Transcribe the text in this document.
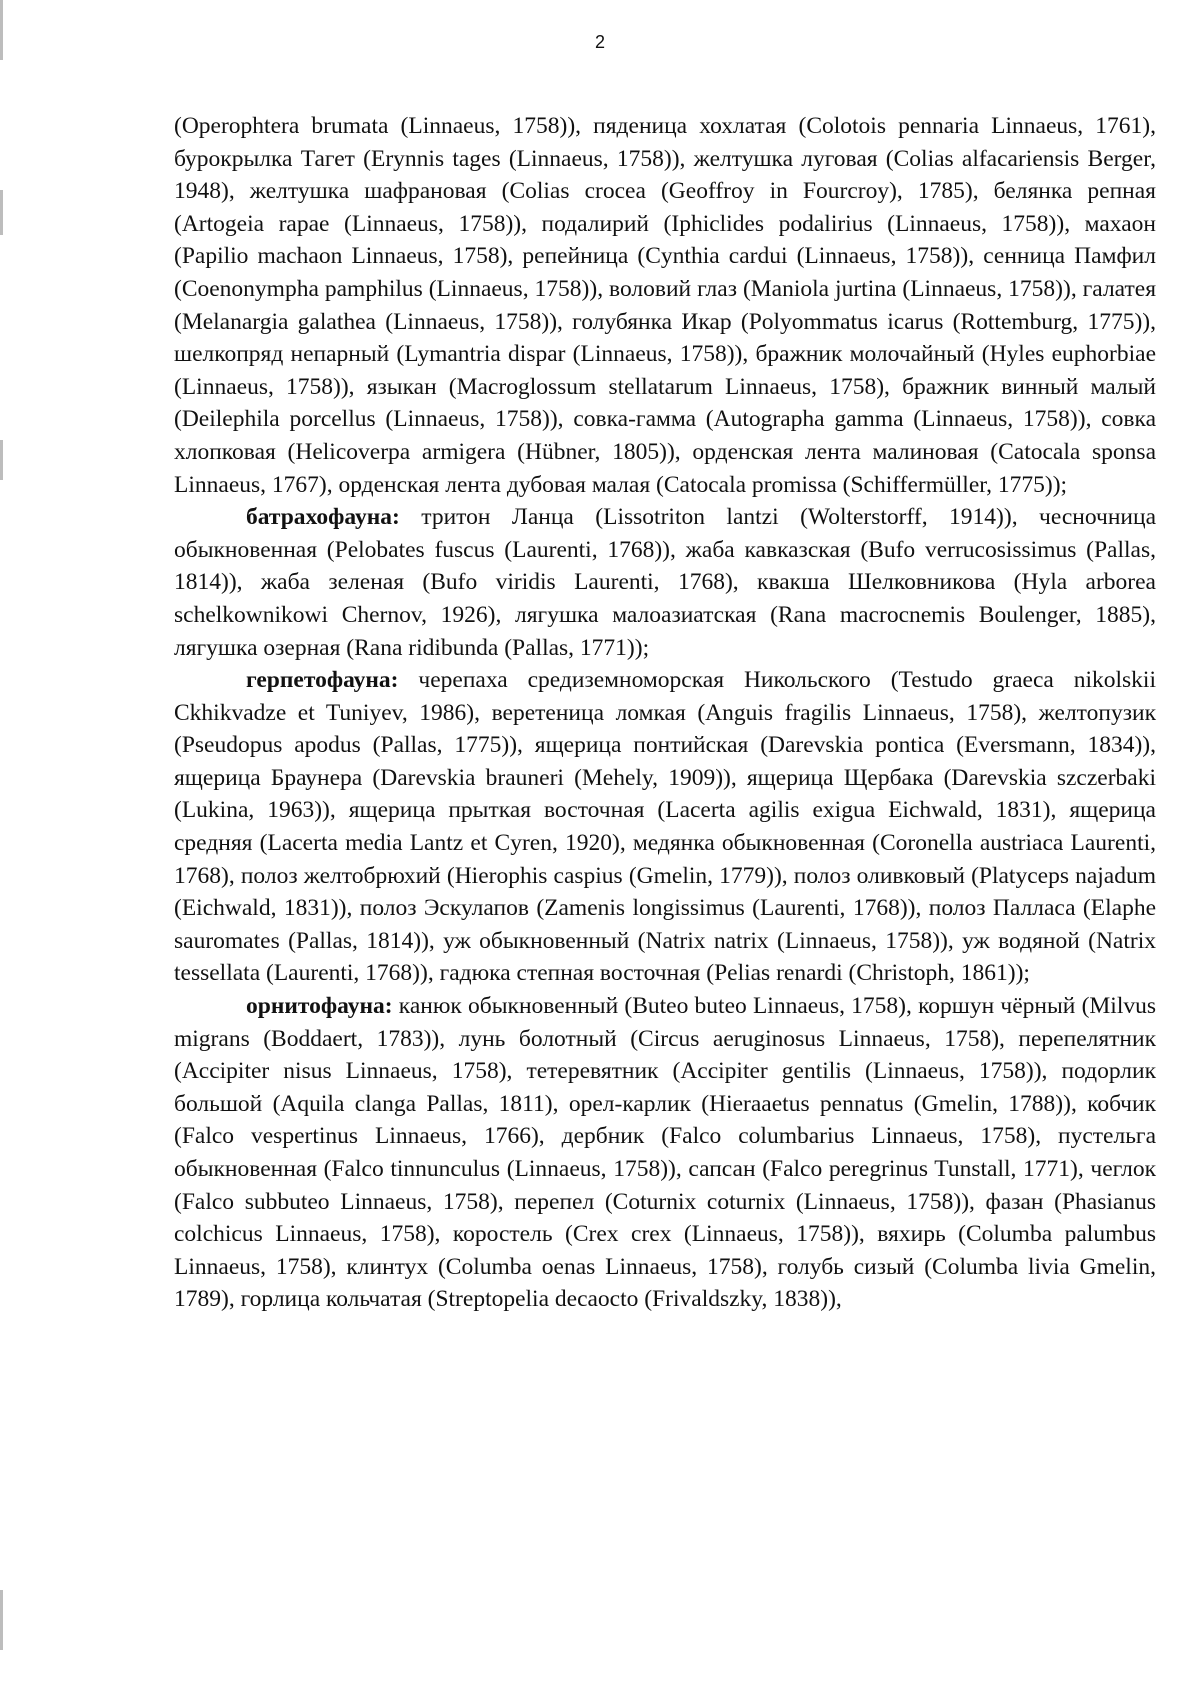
2

(Operophtera brumata (Linnaeus, 1758)), пяденица хохлатая (Colotois pennaria Linnaeus, 1761), бурокрылка Тагет (Erynnis tages (Linnaeus, 1758)), желтушка луговая (Colias alfacariensis Berger, 1948), желтушка шафрановая (Colias crocea (Geoffroy in Fourcroy), 1785), белянка репная (Artogeia rapae (Linnaeus, 1758)), подалирий (Iphiclides podalirius (Linnaeus, 1758)), махаон (Papilio machaon Linnaeus, 1758), репейница (Cynthia cardui (Linnaeus, 1758)), сенница Памфил (Coenonympha pamphilus (Linnaeus, 1758)), воловий глаз (Maniola jurtina (Linnaeus, 1758)), галатея (Melanargia galathea (Linnaeus, 1758)), голубянка Икар (Polyommatus icarus (Rottemburg, 1775)), шелкопряд непарный (Lymantria dispar (Linnaeus, 1758)), бражник молочайный (Hyles euphorbiae (Linnaeus, 1758)), языкан (Macroglossum stellatarum Linnaeus, 1758), бражник винный малый (Deilephila porcellus (Linnaeus, 1758)), совка-гамма (Autographa gamma (Linnaeus, 1758)), совка хлопковая (Helicoverpa armigera (Hübner, 1805)), орденская лента малиновая (Catocala sponsa Linnaeus, 1767), орденская лента дубовая малая (Catocala promissa (Schiffermüller, 1775));

батрахофауна: тритон Ланца (Lissotriton lantzi (Wolterstorff, 1914)), чесночница обыкновенная (Pelobates fuscus (Laurenti, 1768)), жаба кавказская (Bufo verrucosissimus (Pallas, 1814)), жаба зеленая (Bufo viridis Laurenti, 1768), квакша Шелковникова (Hyla arborea schelkownikowi Chernov, 1926), лягушка малоазиатская (Rana macrocnemis Boulenger, 1885), лягушка озерная (Rana ridibunda (Pallas, 1771));

герпетофауна: черепаха средиземноморская Никольского (Testudo graeca nikolskii Ckhikvadze et Tuniyev, 1986), веретеница ломкая (Anguis fragilis Linnaeus, 1758), желтопузик (Pseudopus apodus (Pallas, 1775)), ящерица понтийская (Darevskia pontica (Eversmann, 1834)), ящерица Браунера (Darevskia brauneri (Mehely, 1909)), ящерица Щербака (Darevskia szczerbaki (Lukina, 1963)), ящерица прыткая восточная (Lacerta agilis exigua Eichwald, 1831), ящерица средняя (Lacerta media Lantz et Cyren, 1920), медянка обыкновенная (Coronella austriaca Laurenti, 1768), полоз желтобрюхий (Hierophis caspius (Gmelin, 1779)), полоз оливковый (Platyceps najadum (Eichwald, 1831)), полоз Эскулапов (Zamenis longissimus (Laurenti, 1768)), полоз Палласа (Elaphe sauromates (Pallas, 1814)), уж обыкновенный (Natrix natrix (Linnaeus, 1758)), уж водяной (Natrix tessellata (Laurenti, 1768)), гадюка степная восточная (Pelias renardi (Christoph, 1861));

орнитофауна: канюк обыкновенный (Buteo buteo Linnaeus, 1758), коршун чёрный (Milvus migrans (Boddaert, 1783)), лунь болотный (Circus aeruginosus Linnaeus, 1758), перепелятник (Accipiter nisus Linnaeus, 1758), тетеревятник (Accipiter gentilis (Linnaeus, 1758)), подорлик большой (Aquila clanga Pallas, 1811), орел-карлик (Hieraaetus pennatus (Gmelin, 1788)), кобчик (Falco vespertinus Linnaeus, 1766), дербник (Falco columbarius Linnaeus, 1758), пустельга обыкновенная (Falco tinnunculus (Linnaeus, 1758)), сапсан (Falco peregrinus Tunstall, 1771), чеглок (Falco subbuteo Linnaeus, 1758), перепел (Coturnix coturnix (Linnaeus, 1758)), фазан (Phasianus colchicus Linnaeus, 1758), коростель (Crex crex (Linnaeus, 1758)), вяхирь (Columba palumbus Linnaeus, 1758), клинтух (Columba oenas Linnaeus, 1758), голубь сизый (Columba livia Gmelin, 1789), горлица кольчатая (Streptopelia decaocto (Frivaldszky, 1838)),
